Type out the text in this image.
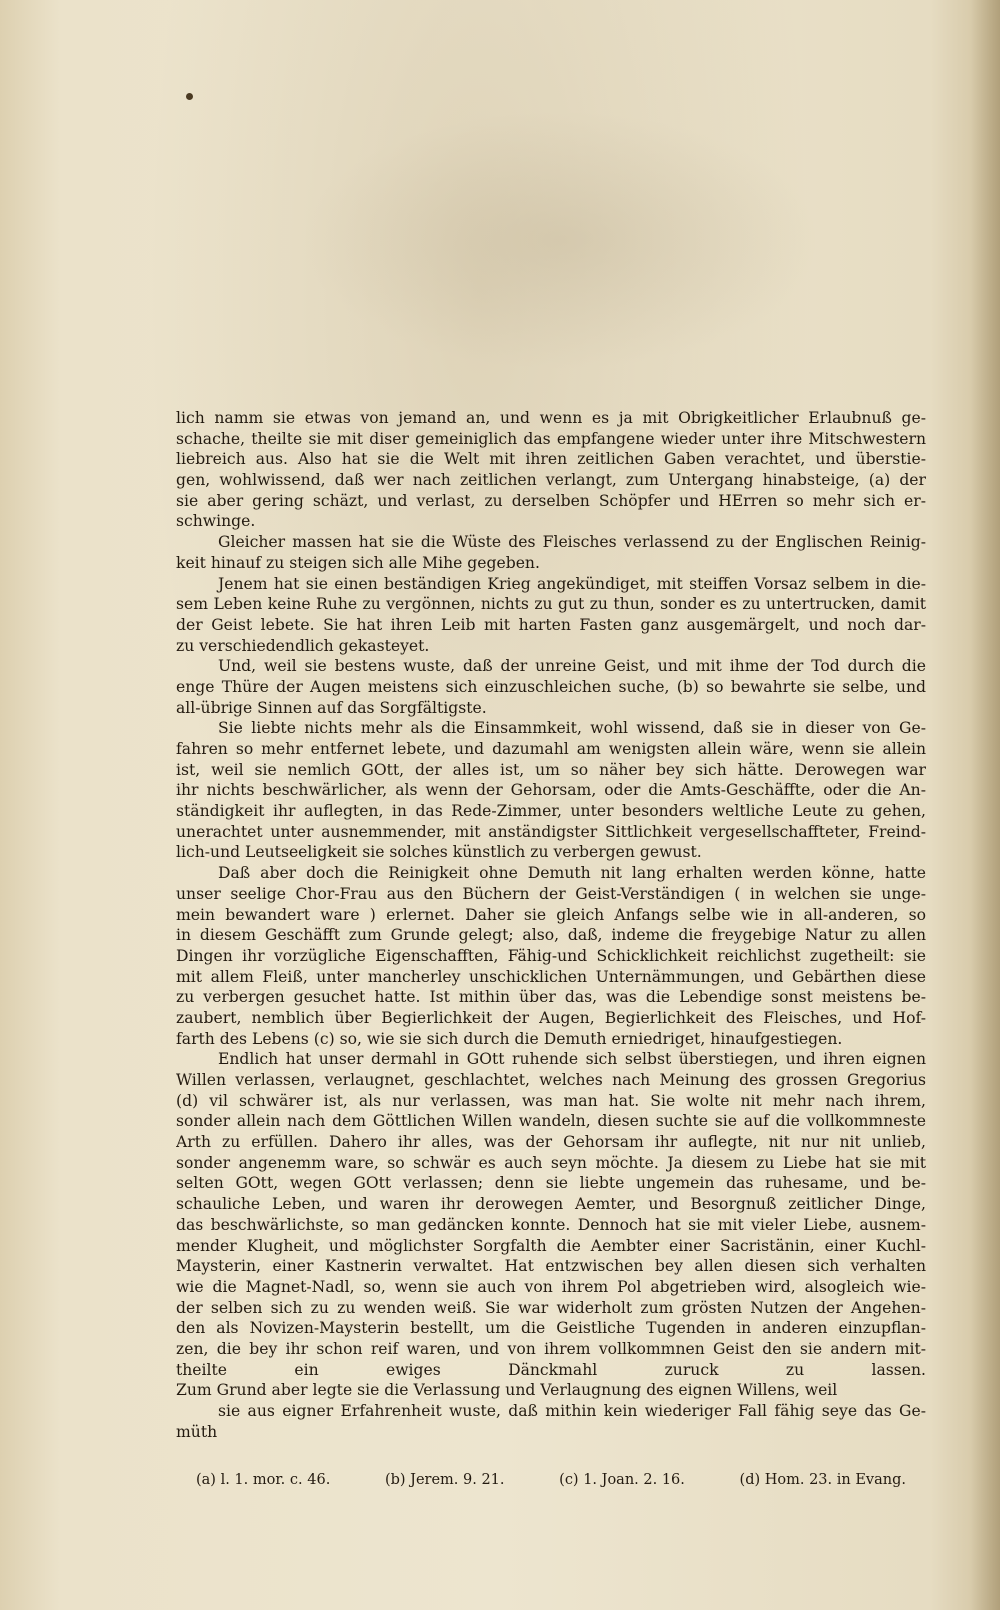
lich namm sie etwas von jemand an, und wenn es ja mit Obrigkeitlicher Erlaubnuß ge-
schache, theilte sie mit diser gemeiniglich das empfangene wieder unter ihre Mitschwestern
liebreich aus. Also hat sie die Welt mit ihren zeitlichen Gaben verachtet, und überstie-
gen, wohlwissend, daß wer nach zeitlichen verlangt, zum Untergang hinabsteige, (a) der
sie aber gering schäzt, und verlast, zu derselben Schöpfer und HErren so mehr sich er-
schwinge.
Gleicher massen hat sie die Wüste des Fleisches verlassend zu der Englischen Reinig-
keit hinauf zu steigen sich alle Mihe gegeben.
Jenem hat sie einen beständigen Krieg angekündiget, mit steiffen Vorsaz selbem in die-
sem Leben keine Ruhe zu vergönnen, nichts zu gut zu thun, sonder es zu untertrucken, damit
der Geist lebete. Sie hat ihren Leib mit harten Fasten ganz ausgemärgelt, und noch dar-
zu verschiedendlich gekasteyet.
Und, weil sie bestens wuste, daß der unreine Geist, und mit ihme der Tod durch die
enge Thüre der Augen meistens sich einzuschleichen suche, (b) so bewahrte sie selbe, und
all-übrige Sinnen auf das Sorgfältigste.
Sie liebte nichts mehr als die Einsammkeit, wohl wissend, daß sie in dieser von Ge-
fahren so mehr entfernet lebete, und dazumahl am wenigsten allein wäre, wenn sie allein
ist, weil sie nemlich GOtt, der alles ist, um so näher bey sich hätte. Derowegen war
ihr nichts beschwärlicher, als wenn der Gehorsam, oder die Amts-Geschäffte, oder die An-
ständigkeit ihr auflegten, in das Rede-Zimmer, unter besonders weltliche Leute zu gehen,
unerachtet unter ausnemmender, mit anständigster Sittlichkeit vergesellschaffteter, Freind-
lich-und Leutseeligkeit sie solches künstlich zu verbergen gewust.
Daß aber doch die Reinigkeit ohne Demuth nit lang erhalten werden könne, hatte
unser seelige Chor-Frau aus den Büchern der Geist-Verständigen ( in welchen sie unge-
mein bewandert ware ) erlernet. Daher sie gleich Anfangs selbe wie in all-anderen, so
in diesem Geschäfft zum Grunde gelegt; also, daß, indeme die freygebige Natur zu allen
Dingen ihr vorzügliche Eigenschafften, Fähig-und Schicklichkeit reichlichst zugetheilt: sie
mit allem Fleiß, unter mancherley unschicklichen Unternämmungen, und Gebärthen diese
zu verbergen gesuchet hatte. Ist mithin über das, was die Lebendige sonst meistens be-
zaubert, nemblich über Begierlichkeit der Augen, Begierlichkeit des Fleisches, und Hof-
farth des Lebens (c) so, wie sie sich durch die Demuth erniedriget, hinaufgestiegen.
Endlich hat unser dermahl in GOtt ruhende sich selbst überstiegen, und ihren eignen
Willen verlassen, verlaugnet, geschlachtet, welches nach Meinung des grossen Gregorius
(d) vil schwärer ist, als nur verlassen, was man hat. Sie wolte nit mehr nach ihrem,
sonder allein nach dem Göttlichen Willen wandeln, diesen suchte sie auf die vollkommneste
Arth zu erfüllen. Dahero ihr alles, was der Gehorsam ihr auflegte, nit nur nit unlieb,
sonder angenemm ware, so schwär es auch seyn möchte. Ja diesem zu Liebe hat sie mit
selten GOtt, wegen GOtt verlassen; denn sie liebte ungemein das ruhesame, und be-
schauliche Leben, und waren ihr derowegen Aemter, und Besorgnuß zeitlicher Dinge,
das beschwärlichste, so man gedäncken konnte. Dennoch hat sie mit vieler Liebe, ausnem-
mender Klugheit, und möglichster Sorgfalth die Aembter einer Sacristänin, einer Kuchl-
Maysterin, einer Kastnerin verwaltet. Hat entzwischen bey allen diesen sich verhalten
wie die Magnet-Nadl, so, wenn sie auch von ihrem Pol abgetrieben wird, alsogleich wie-
der selben sich zu zu wenden weiß. Sie war widerholt zum grösten Nutzen der Angehen-
den als Novizen-Maysterin bestellt, um die Geistliche Tugenden in anderen einzupflan-
zen, die bey ihr schon reif waren, und von ihrem vollkommnen Geist den sie andern mit-
theilte ein ewiges Dänckmahl zuruck zu lassen.
Zum Grund aber legte sie die Verlassung und Verlaugnung des eignen Willens, weil
sie aus eigner Erfahrenheit wuste, daß mithin kein wiederiger Fall fähig seye das Ge-
müth
(a) l. 1. mor. c. 46.	(b) Jerem. 9. 21.	(c) 1. Joan. 2. 16.	(d) Hom. 23. in Evang.
